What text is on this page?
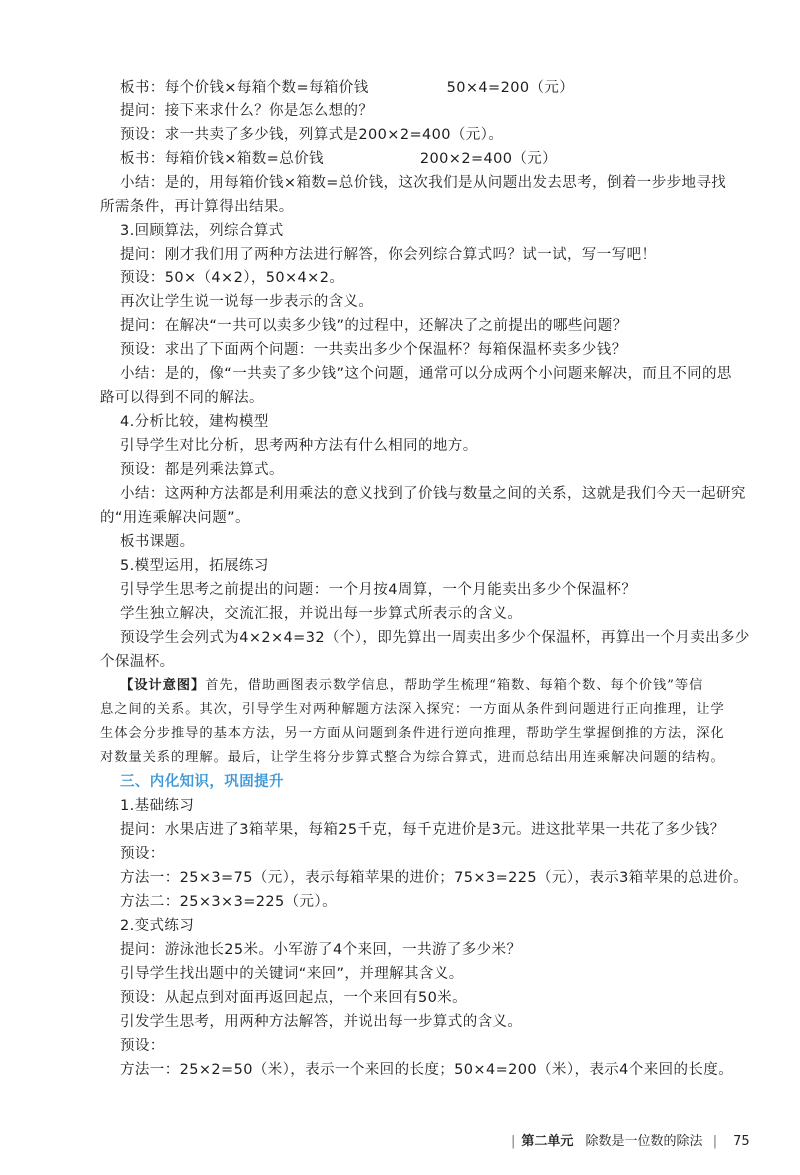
板书：每个价钱×每箱个数=每箱价钱	50×4=200（元）
提问：接下来求什么？你是怎么想的？
预设：求一共卖了多少钱，列算式是200×2=400（元）。
板书：每箱价钱×箱数=总价钱	200×2=400（元）
小结：是的，用每箱价钱×箱数=总价钱，这次我们是从问题出发去思考，倒着一步步地寻找
所需条件，再计算得出结果。
3.回顾算法，列综合算式
提问：刚才我们用了两种方法进行解答，你会列综合算式吗？试一试，写一写吧！
预设：50×（4×2），50×4×2。
再次让学生说一说每一步表示的含义。
提问：在解决“一共可以卖多少钱”的过程中，还解决了之前提出的哪些问题？
预设：求出了下面两个问题：一共卖出多少个保温杯？每箱保温杯卖多少钱？
小结：是的，像“一共卖了多少钱”这个问题，通常可以分成两个小问题来解决，而且不同的思
路可以得到不同的解法。
4.分析比较，建构模型
引导学生对比分析，思考两种方法有什么相同的地方。
预设：都是列乘法算式。
小结：这两种方法都是利用乘法的意义找到了价钱与数量之间的关系，这就是我们今天一起研究
的“用连乘解决问题”。
板书课题。
5.模型运用，拓展练习
引导学生思考之前提出的问题：一个月按4周算，一个月能卖出多少个保温杯？
学生独立解决，交流汇报，并说出每一步算式所表示的含义。
预设学生会列式为4×2×4=32（个），即先算出一周卖出多少个保温杯，再算出一个月卖出多少
个保温杯。
【设计意图】首先，借助画图表示数学信息，帮助学生梳理“箱数、每箱个数、每个价钱”等信
息之间的关系。其次，引导学生对两种解题方法深入探究：一方面从条件到问题进行正向推理，让学
生体会分步推导的基本方法，另一方面从问题到条件进行逆向推理，帮助学生掌握倒推的方法，深化
对数量关系的理解。最后，让学生将分步算式整合为综合算式，进而总结出用连乘解决问题的结构。
三、内化知识，巩固提升
1.基础练习
提问：水果店进了3箱苹果，每箱25千克，每千克进价是3元。进这批苹果一共花了多少钱？
预设：
方法一：25×3=75（元），表示每箱苹果的进价；75×3=225（元），表示3箱苹果的总进价。
方法二：25×3×3=225（元）。
2.变式练习
提问：游泳池长25米。小军游了4个来回，一共游了多少米？
引导学生找出题中的关键词“来回”，并理解其含义。
预设：从起点到对面再返回起点，一个来回有50米。
引发学生思考，用两种方法解答，并说出每一步算式的含义。
预设：
方法一：25×2=50（米），表示一个来回的长度；50×4=200（米），表示4个来回的长度。
| 第二单元 除数是一位数的除法 | 75
